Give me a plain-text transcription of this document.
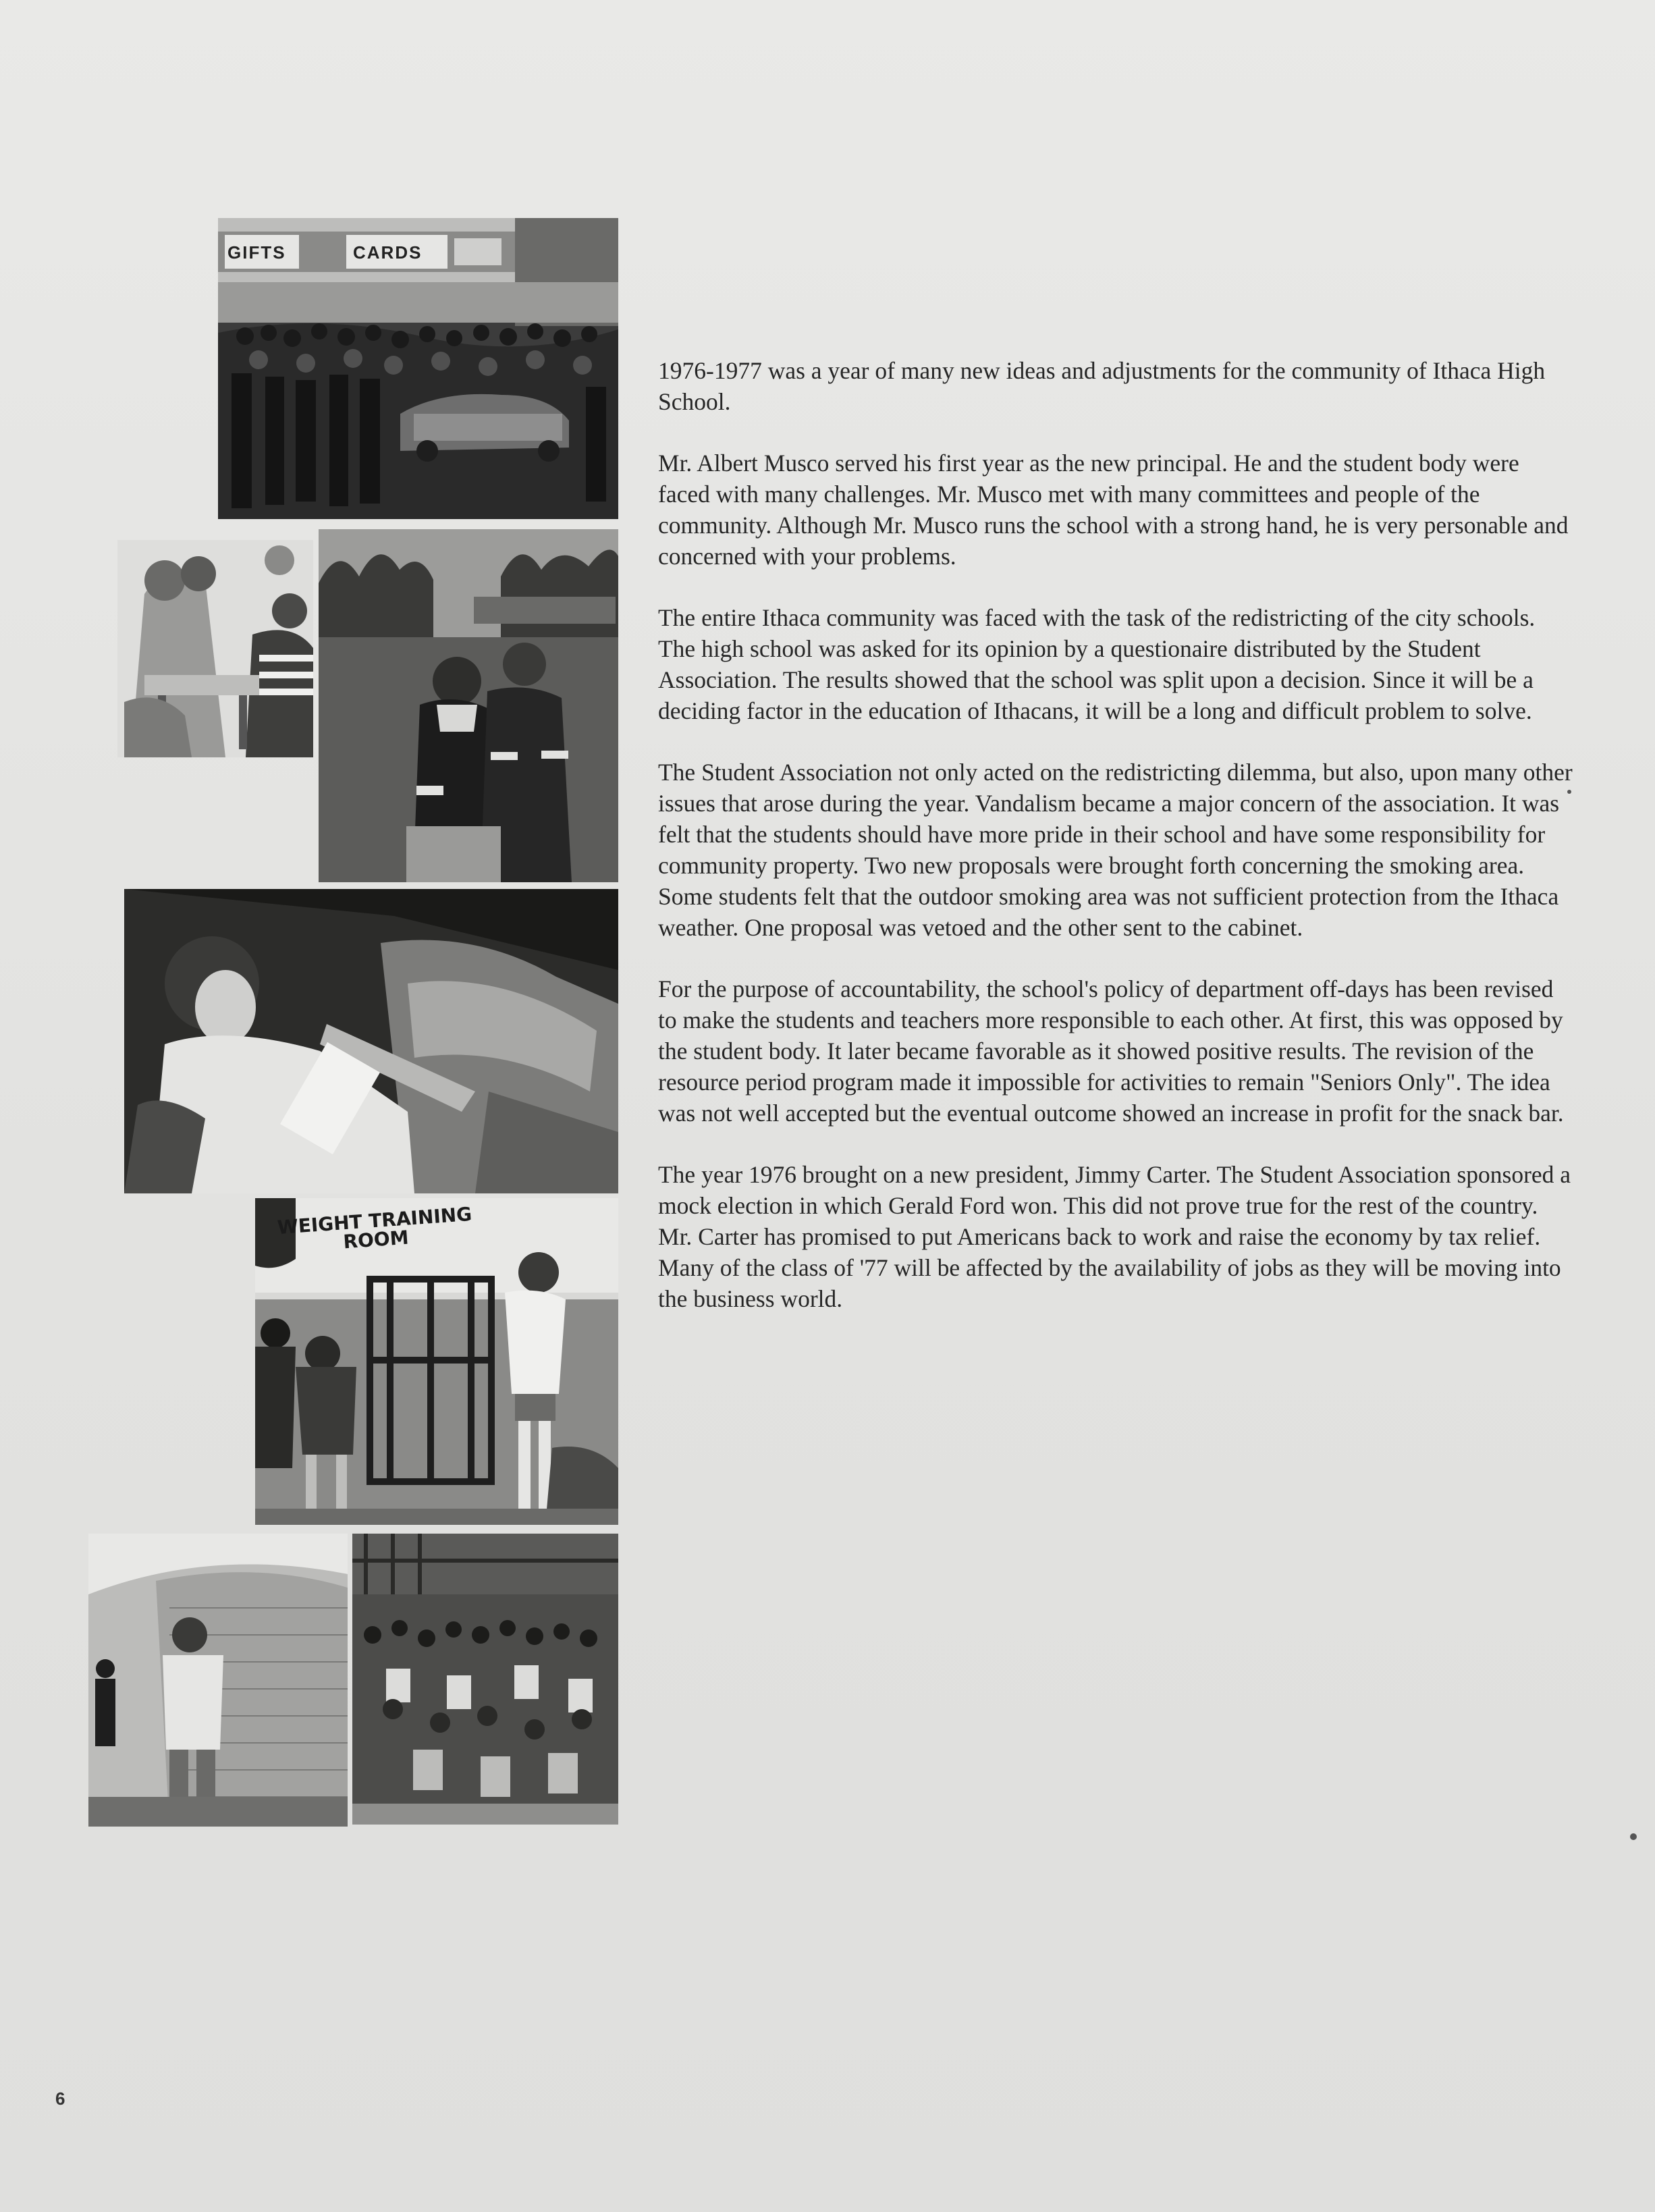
GIFTS	CARDS
WEIGHT TRAINING ROOM

1976-1977 was a year of many new ideas and adjustments for the community of Ithaca High School.

Mr. Albert Musco served his first year as the new principal. He and the student body were faced with many challenges. Mr. Musco met with many committees and people of the community. Although Mr. Musco runs the school with a strong hand, he is very personable and concerned with your problems.

The entire Ithaca community was faced with the task of the redistricting of the city schools. The high school was asked for its opinion by a questionaire distributed by the Student Association. The results showed that the school was split upon a decision. Since it will be a deciding factor in the education of Ithacans, it will be a long and difficult problem to solve.

The Student Association not only acted on the redistricting dilemma, but also, upon many other issues that arose during the year. Vandalism became a major concern of the association. It was felt that the students should have more pride in their school and have some responsibility for community property. Two new proposals were brought forth concerning the smoking area. Some students felt that the outdoor smoking area was not sufficient protection from the Ithaca weather. One proposal was vetoed and the other sent to the cabinet.

For the purpose of accountability, the school's policy of department off-days has been revised to make the students and teachers more responsible to each other. At first, this was opposed by the student body. It later became favorable as it showed positive results. The revision of the resource period program made it impossible for activities to remain "Seniors Only". The idea was not well accepted but the eventual outcome showed an increase in profit for the snack bar.

The year 1976 brought on a new president, Jimmy Carter. The Student Association sponsored a mock election in which Gerald Ford won. This did not prove true for the rest of the country. Mr. Carter has promised to put Americans back to work and raise the economy by tax relief. Many of the class of '77 will be affected by the availability of jobs as they will be moving into the business world.

6
